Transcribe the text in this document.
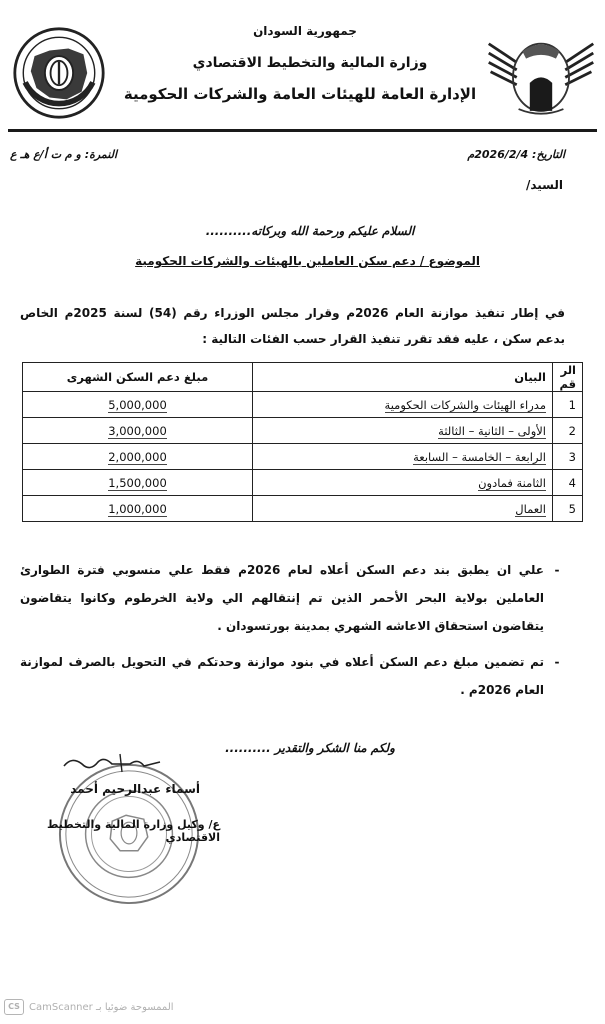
جمهورية السودان
وزارة المالية والتخطيط الاقتصادي
الإدارة العامة للهيئات العامة والشركات الحكومية
التاريخ: 2026/2/4م
النمرة: و م ت أ/ع هـ ع
السيد/
السلام عليكم ورحمة الله وبركاته..........
الموضوع / دعم سكن العاملين بالهيئات والشركات الحكومية
في إطار تنفيذ موازنة العام 2026م وقرار مجلس الوزراء رقم (54) لسنة 2025م الخاص بدعم سكن ، عليه فقد تقرر تنفيذ القرار حسب الفئات التالية :
الرقم	البيان	مبلغ دعم السكن الشهرى
1	مدراء الهيئات والشركات الحكومية	5,000,000
2	الأولى – الثانية – الثالثة	3,000,000
3	الرابعة – الخامسة – السابعة	2,000,000
4	الثامنة فمادون	1,500,000
5	العمال	1,000,000
-
علي ان يطبق بند دعم السكن أعلاه لعام 2026م فقط علي منسوبي فترة الطوارئ العاملين بولاية البحر الأحمر الذين تم إنتقالهم الي ولاية الخرطوم وكانوا يتقاضون يتقاضون استحقاق الاعاشه الشهري بمدينة بورتسودان .
-
تم تضمين مبلغ دعم السكن أعلاه في بنود موازنة وحدتكم في التحويل بالصرف لموازنة العام 2026م .
ولكم منا الشكر والتقدير ..........
أسماء عبدالرحيم أحمد
ع/ وكيل وزارة المالية والتخطيط الاقتصادي
CS الممسوحة ضوئيا بـ CamScanner
